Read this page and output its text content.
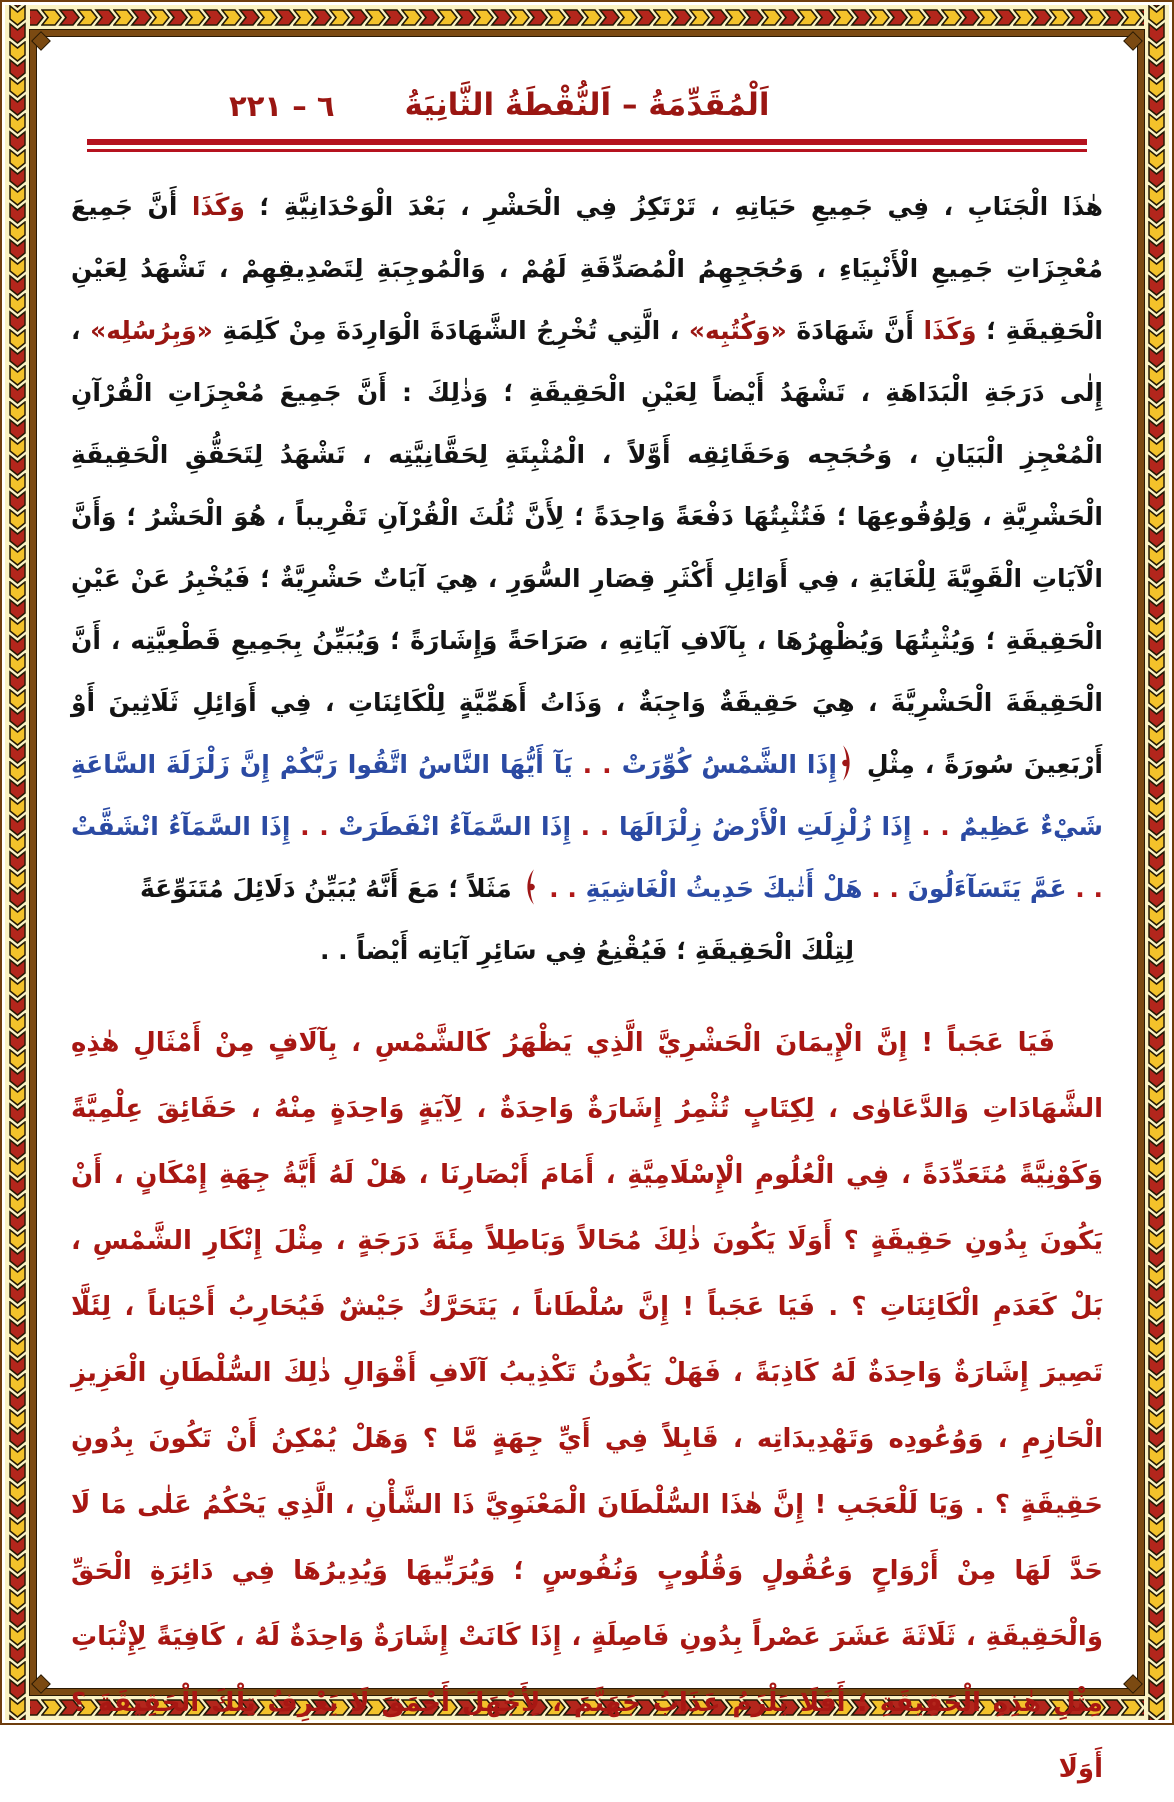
٦ – ٢٢١	اَلْمُقَدِّمَةُ – اَلنُّقْطَةُ الثَّانِيَةُ

هٰذَا الْجَنَابِ ، فِي جَمِيعِ حَيَاتِهِ ، تَرْتَكِزُ فِي الْحَشْرِ ، بَعْدَ الْوَحْدَانِيَّةِ ؛ وَكَذَا أَنَّ جَمِيعَ مُعْجِزَاتِ جَمِيعِ الْأَنْبِيَاءِ ، وَحُجَجِهِمُ الْمُصَدِّقَةِ لَهُمْ ، وَالْمُوجِبَةِ لِتَصْدِيقِهِمْ ، تَشْهَدُ لِعَيْنِ الْحَقِيقَةِ ؛ وَكَذَا أَنَّ شَهَادَةَ «وَكُتُبِه» ، الَّتِي تُخْرِجُ الشَّهَادَةَ الْوَارِدَةَ مِنْ كَلِمَةِ «وَبِرُسُلِه» ، إِلٰى دَرَجَةِ الْبَدَاهَةِ ، تَشْهَدُ أَيْضاً لِعَيْنِ الْحَقِيقَةِ ؛ وَذٰلِكَ : أَنَّ جَمِيعَ مُعْجِزَاتِ الْقُرْآنِ الْمُعْجِزِ الْبَيَانِ ، وَحُجَجِه وَحَقَائِقِه أَوَّلاً ، الْمُثْبِتَةِ لِحَقَّانِيَّتِه ، تَشْهَدُ لِتَحَقُّقِ الْحَقِيقَةِ الْحَشْرِيَّةِ ، وَلِوُقُوعِهَا ؛ فَتُثْبِتُهَا دَفْعَةً وَاحِدَةً ؛ لِأَنَّ ثُلُثَ الْقُرْآنِ تَقْرِيباً ، هُوَ الْحَشْرُ ؛ وَأَنَّ الْآيَاتِ الْقَوِيَّةَ لِلْغَايَةِ ، فِي أَوَائِلِ أَكْثَرِ قِصَارِ السُّوَرِ ، هِيَ آيَاتٌ حَشْرِيَّةٌ ؛ فَيُخْبِرُ عَنْ عَيْنِ الْحَقِيقَةِ ؛ وَيُثْبِتُهَا وَيُظْهِرُهَا ، بِآلَافِ آيَاتِهِ ، صَرَاحَةً وَإِشَارَةً ؛ وَيُبَيِّنُ بِجَمِيعِ قَطْعِيَّتِه ، أَنَّ الْحَقِيقَةَ الْحَشْرِيَّةَ ، هِيَ حَقِيقَةٌ وَاجِبَةٌ ، وَذَاتُ أَهَمِّيَّةٍ لِلْكَائِنَاتِ ، فِي أَوَائِلِ ثَلَاثِينَ أَوْ أَرْبَعِينَ سُورَةً ، مِثْلِ إِذَا الشَّمْسُ كُوِّرَتْ . . يَآ أَيُّهَا النَّاسُ اتَّقُوا رَبَّكُمْ إِنَّ زَلْزَلَةَ السَّاعَةِ شَيْءٌ عَظِيمٌ . . إِذَا زُلْزِلَتِ الْأَرْضُ زِلْزَالَهَا . . إِذَا السَّمَآءُ انْفَطَرَتْ . . إِذَا السَّمَآءُ انْشَقَّتْ . . عَمَّ يَتَسَآءَلُونَ . . هَلْ أَتٰيكَ حَدِيثُ الْغَاشِيَةِ . .  مَثَلاً ؛ مَعَ أَنَّهُ يُبَيِّنُ دَلَائِلَ مُتَنَوِّعَةً

لِتِلْكَ الْحَقِيقَةِ ؛ فَيُقْنِعُ فِي سَائِرِ آيَاتِه أَيْضاً . .

فَيَا عَجَباً ! إِنَّ الْإِيمَانَ الْحَشْرِيَّ الَّذِي يَظْهَرُ كَالشَّمْسِ ، بِآلَافٍ مِنْ أَمْثَالِ هٰذِهِ الشَّهَادَاتِ وَالدَّعَاوٰى ، لِكِتَابٍ تُثْمِرُ إِشَارَةٌ وَاحِدَةٌ ، لِآيَةٍ وَاحِدَةٍ مِنْهُ ، حَقَائِقَ عِلْمِيَّةً وَكَوْنِيَّةً مُتَعَدِّدَةً ، فِي الْعُلُومِ الْإِسْلَامِيَّةِ ، أَمَامَ أَبْصَارِنَا ، هَلْ لَهُ أَيَّةُ جِهَةِ إِمْكَانٍ ، أَنْ يَكُونَ بِدُونِ حَقِيقَةٍ ؟ أَوَلَا يَكُونَ ذٰلِكَ مُحَالاً وَبَاطِلاً مِئَةَ دَرَجَةٍ ، مِثْلَ إِنْكَارِ الشَّمْسِ ، بَلْ كَعَدَمِ الْكَائِنَاتِ ؟ . فَيَا عَجَباً ! إِنَّ سُلْطَاناً ، يَتَحَرَّكُ جَيْشٌ فَيُحَارِبُ أَحْيَاناً ، لِئَلَّا تَصِيرَ إِشَارَةٌ وَاحِدَةٌ لَهُ كَاذِبَةً ، فَهَلْ يَكُونُ تَكْذِيبُ آلَافِ أَقْوَالِ ذٰلِكَ السُّلْطَانِ الْعَزِيزِ الْحَازِمِ ، وَوُعُودِه وَتَهْدِيدَاتِه ، قَابِلاً فِي أَيِّ جِهَةٍ مَّا ؟ وَهَلْ يُمْكِنُ أَنْ تَكُونَ بِدُونِ حَقِيقَةٍ ؟ . وَيَا لَلْعَجَبِ ! إِنَّ هٰذَا السُّلْطَانَ الْمَعْنَوِيَّ ذَا الشَّأْنِ ، الَّذِي يَحْكُمُ عَلٰى مَا لَا حَدَّ لَهَا مِنْ أَرْوَاحٍ وَعُقُولٍ وَقُلُوبٍ وَنُفُوسٍ ؛ وَيُرَبِّيهَا وَيُدِيرُهَا فِي دَائِرَةِ الْحَقِّ وَالْحَقِيقَةِ ، ثَلَاثَةَ عَشَرَ عَصْراً بِدُونِ فَاصِلَةٍ ، إِذَا كَانَتْ إِشَارَةٌ وَاحِدَةٌ لَهُ ، كَافِيَةً لِإِثْبَاتِ مِثْلِ هٰذِهِ الْحَقِيقَةِ ؛ أَفَلَا يَلْزَمُ عَذَابُ جَهَنَّمَ ، لِأَجْهَلَ أَحْمَقَ لَا يَعْرِفُ تِلْكَ الْحَقِيقَةَ ؟ أَوَلَا
